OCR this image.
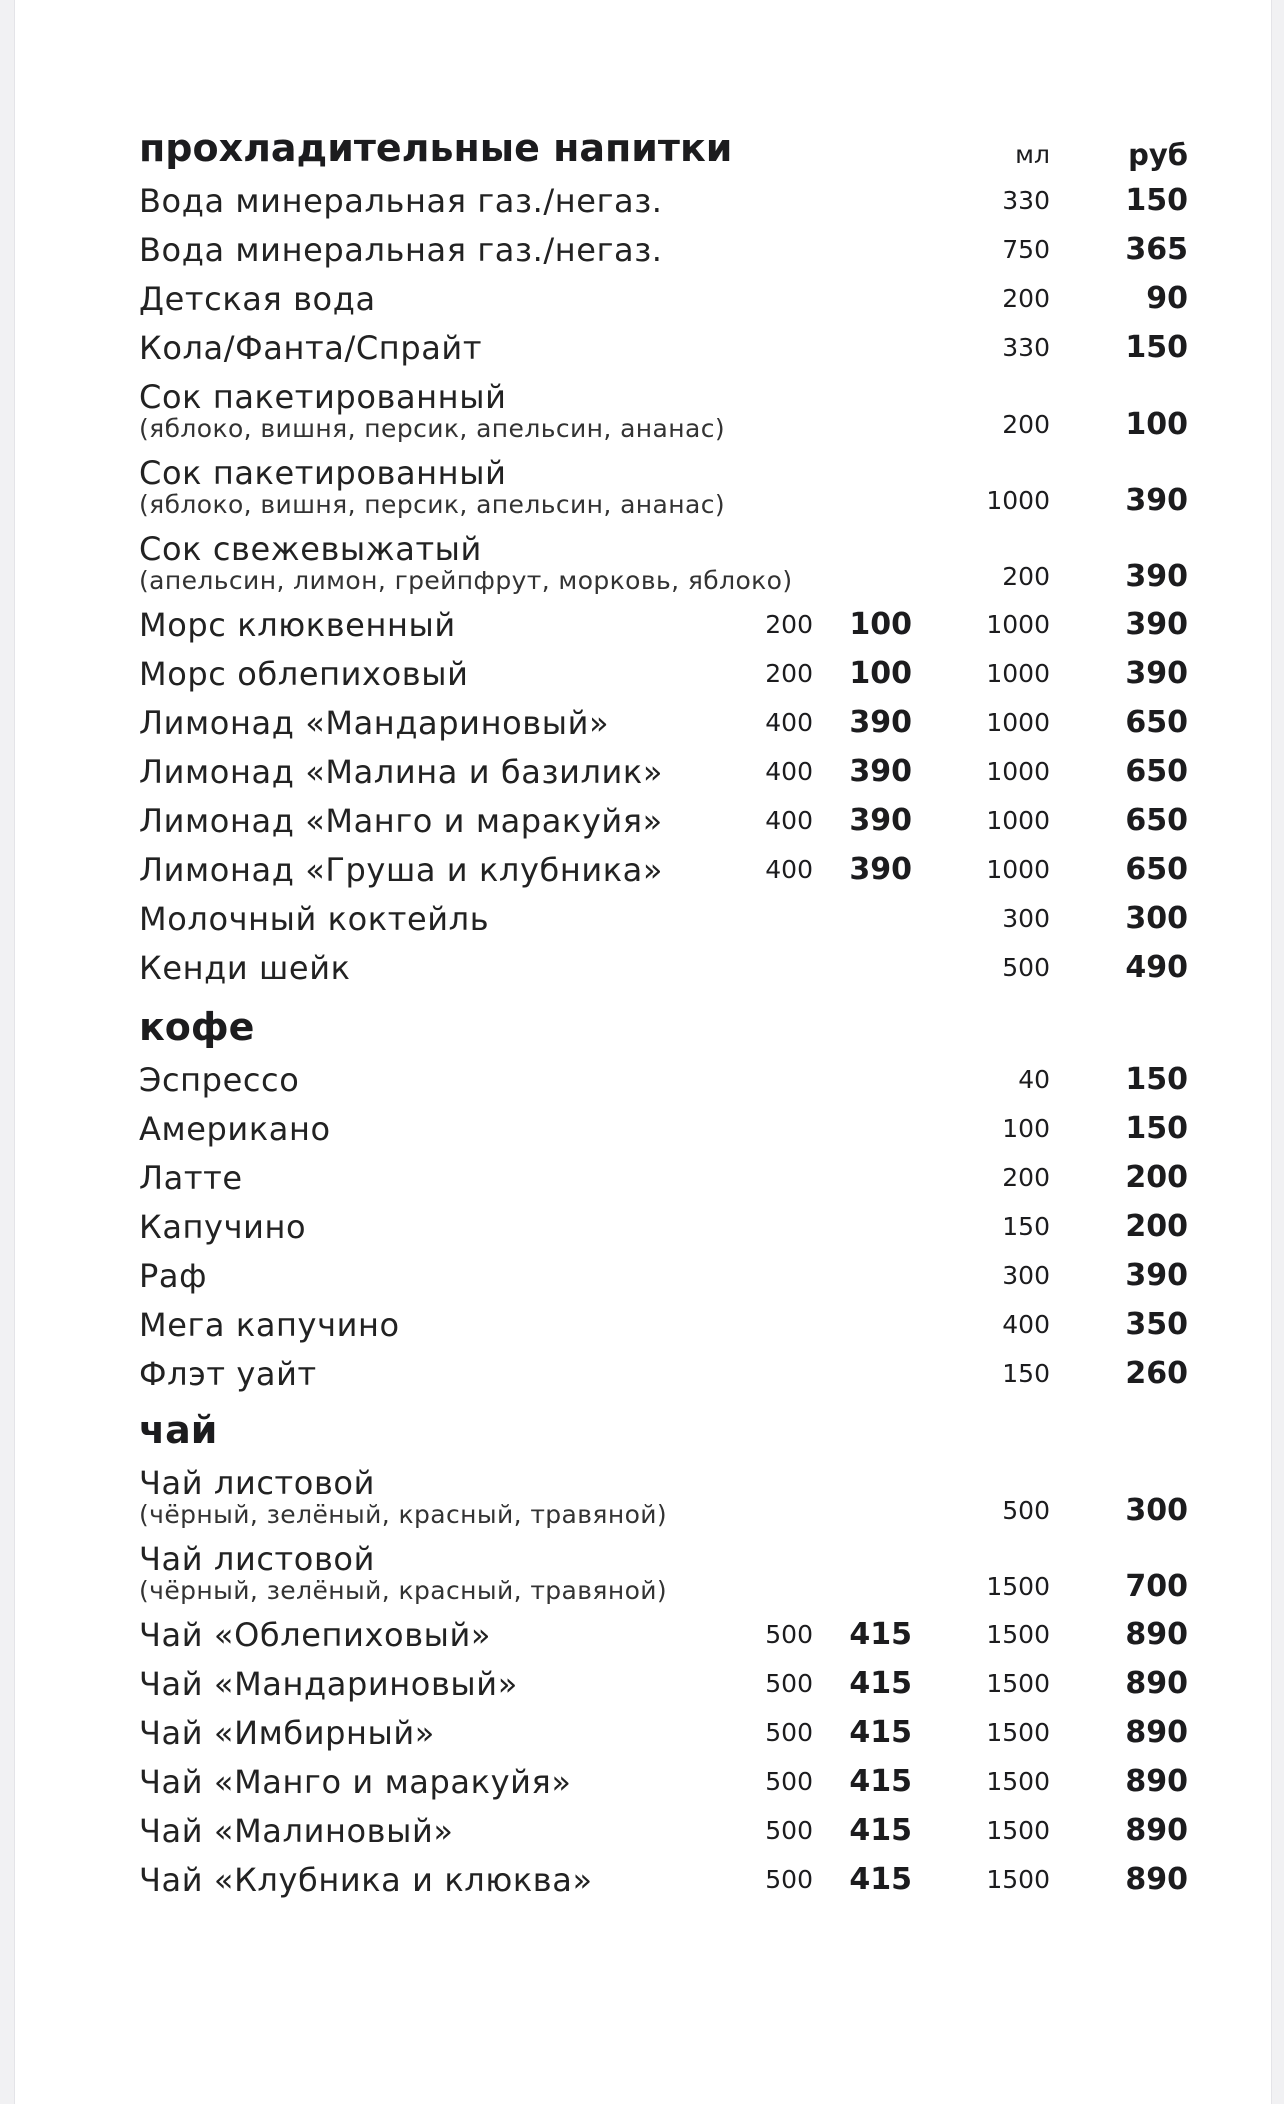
мл	руб
прохладительные напитки
Вода минеральная газ./негаз.	330	150
Вода минеральная газ./негаз.	750	365
Детская вода	200	90
Кола/Фанта/Спрайт	330	150
Сок пакетированный
(яблоко, вишня, персик, апельсин, ананас)	200	100
Сок пакетированный
(яблоко, вишня, персик, апельсин, ананас)	1000	390
Сок свежевыжатый
(апельсин, лимон, грейпфрут, морковь, яблоко)	200	390
Морс клюквенный	200	100	1000	390
Морс облепиховый	200	100	1000	390
Лимонад «Мандариновый»	400	390	1000	650
Лимонад «Малина и базилик»	400	390	1000	650
Лимонад «Манго и маракуйя»	400	390	1000	650
Лимонад «Груша и клубника»	400	390	1000	650
Молочный коктейль	300	300
Кенди шейк	500	490
кофе
Эспрессо	40	150
Американо	100	150
Латте	200	200
Капучино	150	200
Раф	300	390
Мега капучино	400	350
Флэт уайт	150	260
чай
Чай листовой
(чёрный, зелёный, красный, травяной)	500	300
Чай листовой
(чёрный, зелёный, красный, травяной)	1500	700
Чай «Облепиховый»	500	415	1500	890
Чай «Мандариновый»	500	415	1500	890
Чай «Имбирный»	500	415	1500	890
Чай «Манго и маракуйя»	500	415	1500	890
Чай «Малиновый»	500	415	1500	890
Чай «Клубника и клюква»	500	415	1500	890
